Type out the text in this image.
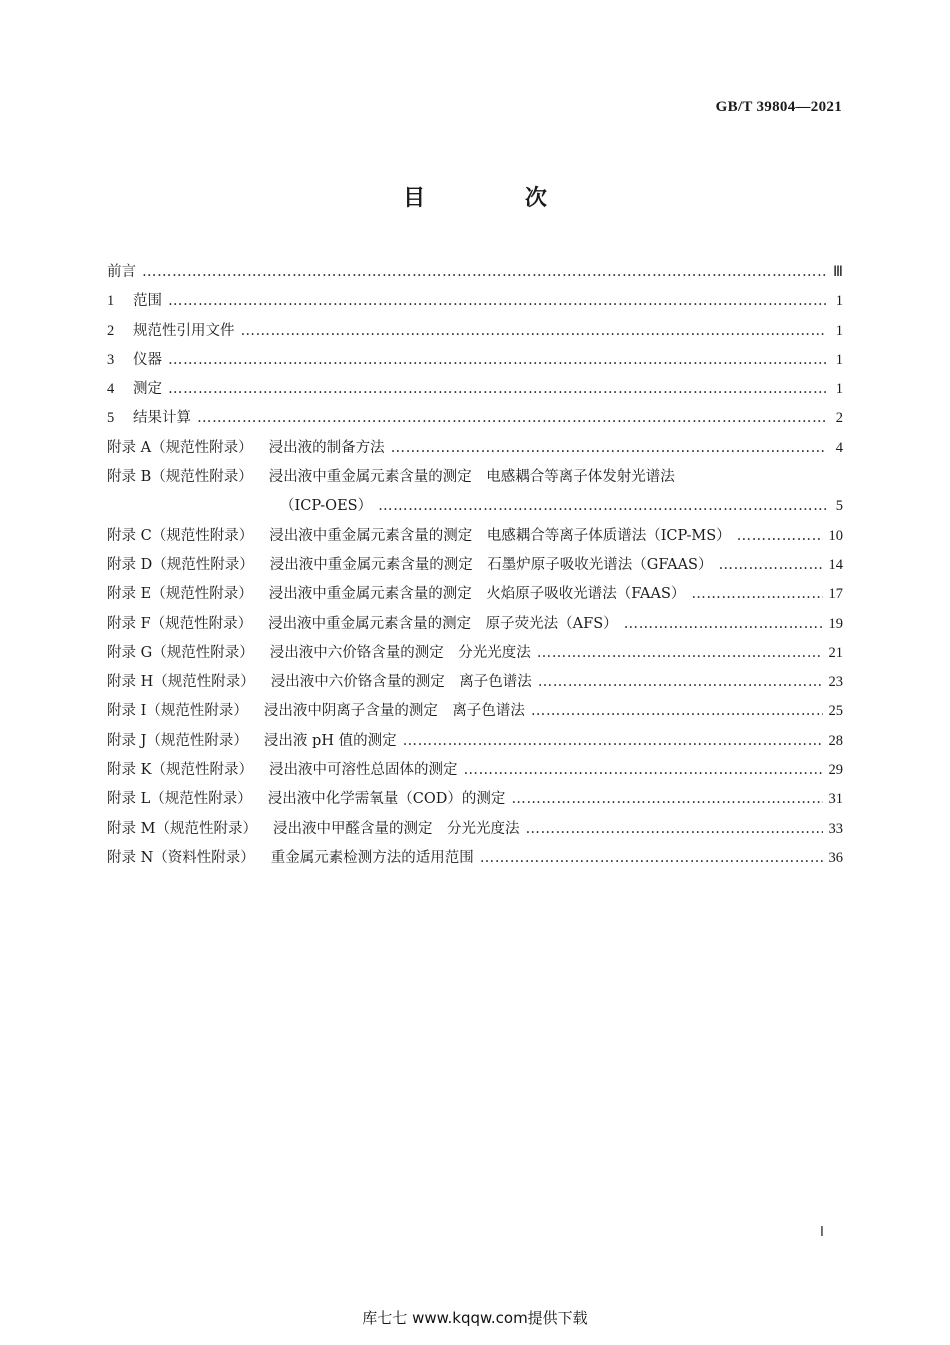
GB/T 39804—2021
目 次
前言 …………………………………………………………………………………………………………………………………………………………………………………………………………………………………	Ⅲ
1 范围 …………………………………………………………………………………………………………………………………………………………………………………………………………………………………	1
2 规范性引用文件 …………………………………………………………………………………………………………………………………………………………………………………………………………………………………	1
3 仪器 …………………………………………………………………………………………………………………………………………………………………………………………………………………………………	1
4 测定 …………………………………………………………………………………………………………………………………………………………………………………………………………………………………	1
5 结果计算 …………………………………………………………………………………………………………………………………………………………………………………………………………………………………	2
附录 A（规范性附录） 浸出液的制备方法 …………………………………………………………………………………………………………………………………………………………………………………………………………………………………	4
附录 B（规范性附录） 浸出液中重金属元素含量的测定　电感耦合等离子体发射光谱法
（ICP-OES） …………………………………………………………………………………………………………………………………………………………………………………………………………………………………	5
附录 C（规范性附录） 浸出液中重金属元素含量的测定　电感耦合等离子体质谱法（ICP-MS） …………………………………………………………………………………………………………………………………………………………………………………………………………………………………	10
附录 D（规范性附录） 浸出液中重金属元素含量的测定　石墨炉原子吸收光谱法（GFAAS） …………………………………………………………………………………………………………………………………………………………………………………………………………………………………	14
附录 E（规范性附录） 浸出液中重金属元素含量的测定　火焰原子吸收光谱法（FAAS） …………………………………………………………………………………………………………………………………………………………………………………………………………………………………	17
附录 F（规范性附录） 浸出液中重金属元素含量的测定　原子荧光法（AFS） …………………………………………………………………………………………………………………………………………………………………………………………………………………………………	19
附录 G（规范性附录） 浸出液中六价铬含量的测定　分光光度法 …………………………………………………………………………………………………………………………………………………………………………………………………………………………………	21
附录 H（规范性附录） 浸出液中六价铬含量的测定　离子色谱法 …………………………………………………………………………………………………………………………………………………………………………………………………………………………………	23
附录 I（规范性附录） 浸出液中阴离子含量的测定　离子色谱法 …………………………………………………………………………………………………………………………………………………………………………………………………………………………………	25
附录 J（规范性附录） 浸出液 pH 值的测定 …………………………………………………………………………………………………………………………………………………………………………………………………………………………………	28
附录 K（规范性附录） 浸出液中可溶性总固体的测定 …………………………………………………………………………………………………………………………………………………………………………………………………………………………………	29
附录 L（规范性附录） 浸出液中化学需氧量（COD）的测定 …………………………………………………………………………………………………………………………………………………………………………………………………………………………………	31
附录 M（规范性附录） 浸出液中甲醛含量的测定　分光光度法 …………………………………………………………………………………………………………………………………………………………………………………………………………………………………	33
附录 N（资料性附录） 重金属元素检测方法的适用范围 …………………………………………………………………………………………………………………………………………………………………………………………………………………………………	36
Ⅰ
库七七 www.kqqw.com提供下载
